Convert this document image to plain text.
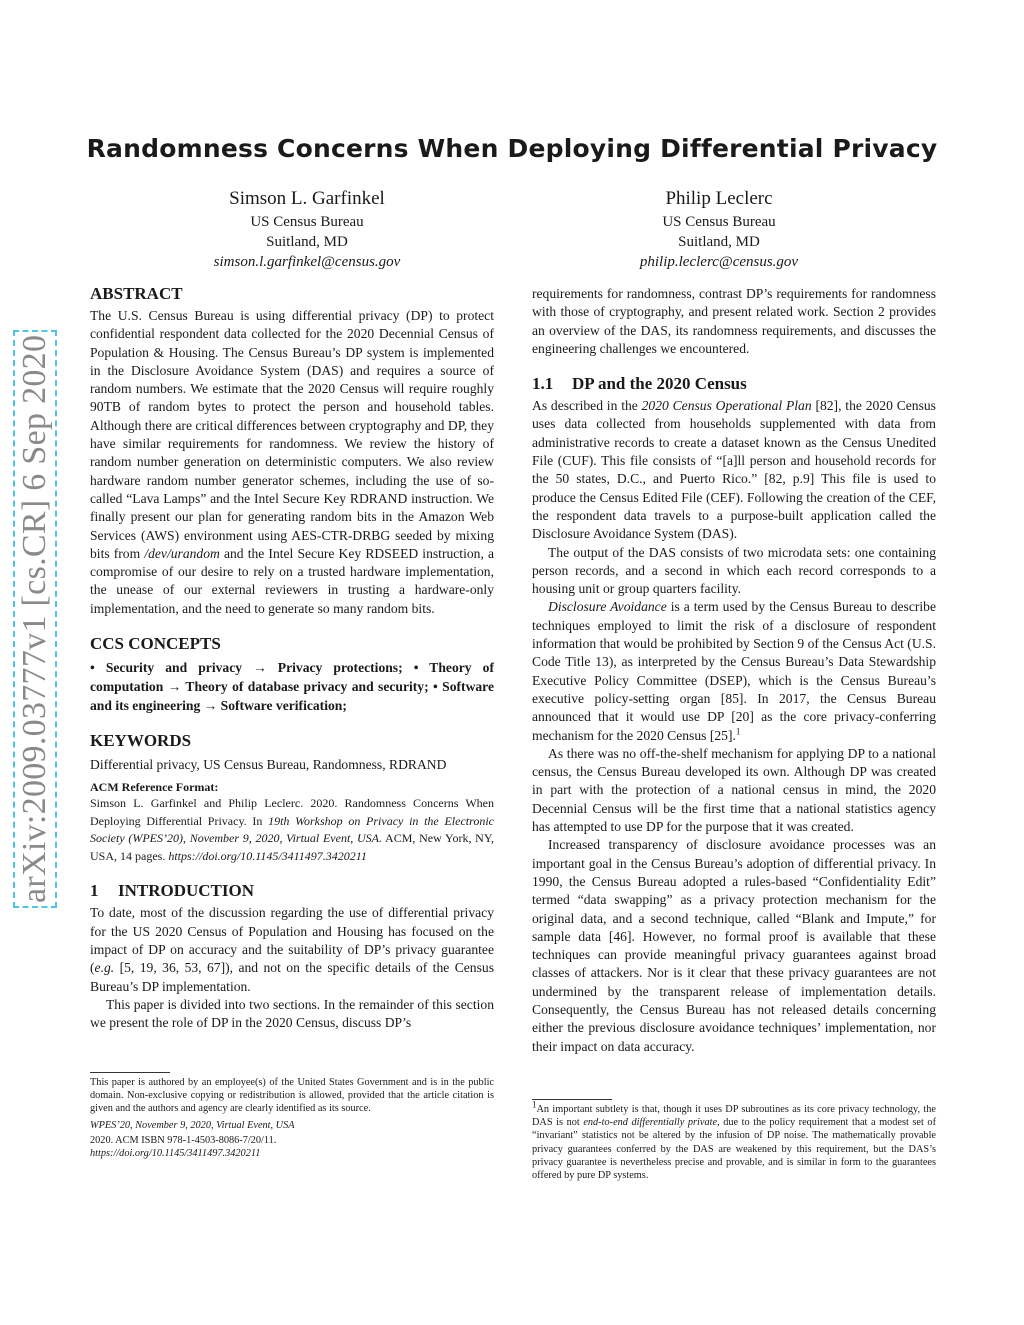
arXiv:2009.03777v1 [cs.CR] 6 Sep 2020
Randomness Concerns When Deploying Differential Privacy
Simson L. Garfinkel
US Census Bureau
Suitland, MD
simson.l.garfinkel@census.gov
Philip Leclerc
US Census Bureau
Suitland, MD
philip.leclerc@census.gov
ABSTRACT

The U.S. Census Bureau is using differential privacy (DP) to protect confidential respondent data collected for the 2020 Decennial Census of Population & Housing. The Census Bureau’s DP system is implemented in the Disclosure Avoidance System (DAS) and requires a source of random numbers. We estimate that the 2020 Census will require roughly 90TB of random bytes to protect the person and household tables. Although there are critical differences between cryptography and DP, they have similar requirements for randomness. We review the history of random number generation on deterministic computers. We also review hardware random number generator schemes, including the use of so-called “Lava Lamps” and the Intel Secure Key RDRAND instruction. We finally present our plan for generating random bits in the Amazon Web Services (AWS) environment using AES-CTR-DRBG seeded by mixing bits from /dev/urandom and the Intel Secure Key RDSEED instruction, a compromise of our desire to rely on a trusted hardware implementation, the unease of our external reviewers in trusting a hardware-only implementation, and the need to generate so many random bits.

CCS CONCEPTS

• Security and privacy → Privacy protections; • Theory of computation → Theory of database privacy and security; • Software and its engineering → Software verification;

KEYWORDS

Differential privacy, US Census Bureau, Randomness, RDRAND

ACM Reference Format:

Simson L. Garfinkel and Philip Leclerc. 2020. Randomness Concerns When Deploying Differential Privacy. In 19th Workshop on Privacy in the Electronic Society (WPES’20), November 9, 2020, Virtual Event, USA. ACM, New York, NY, USA, 14 pages. https://doi.org/10.1145/3411497.3420211

1 INTRODUCTION

To date, most of the discussion regarding the use of differential privacy for the US 2020 Census of Population and Housing has focused on the impact of DP on accuracy and the suitability of DP’s privacy guarantee (e.g. [5, 19, 36, 53, 67]), and not on the specific details of the Census Bureau’s DP implementation.

This paper is divided into two sections. In the remainder of this section we present the role of DP in the 2020 Census, discuss DP’s

This paper is authored by an employee(s) of the United States Government and is in the public domain. Non-exclusive copying or redistribution is allowed, provided that the article citation is given and the authors and agency are clearly identified as its source.
WPES’20, November 9, 2020, Virtual Event, USA
2020. ACM ISBN 978-1-4503-8086-7/20/11.
https://doi.org/10.1145/3411497.3420211

requirements for randomness, contrast DP’s requirements for randomness with those of cryptography, and present related work. Section 2 provides an overview of the DAS, its randomness requirements, and discusses the engineering challenges we encountered.

1.1 DP and the 2020 Census

As described in the 2020 Census Operational Plan [82], the 2020 Census uses data collected from households supplemented with data from administrative records to create a dataset known as the Census Unedited File (CUF). This file consists of “[a]ll person and household records for the 50 states, D.C., and Puerto Rico.” [82, p.9] This file is used to produce the Census Edited File (CEF). Following the creation of the CEF, the respondent data travels to a purpose-built application called the Disclosure Avoidance System (DAS).

The output of the DAS consists of two microdata sets: one containing person records, and a second in which each record corresponds to a housing unit or group quarters facility.

Disclosure Avoidance is a term used by the Census Bureau to describe techniques employed to limit the risk of a disclosure of respondent information that would be prohibited by Section 9 of the Census Act (U.S. Code Title 13), as interpreted by the Census Bureau’s Data Stewardship Executive Policy Committee (DSEP), which is the Census Bureau’s executive policy-setting organ [85]. In 2017, the Census Bureau announced that it would use DP [20] as the core privacy-conferring mechanism for the 2020 Census [25].$^1$

As there was no off-the-shelf mechanism for applying DP to a national census, the Census Bureau developed its own. Although DP was created in part with the protection of a national census in mind, the 2020 Decennial Census will be the first time that a national statistics agency has attempted to use DP for the purpose that it was created.

Increased transparency of disclosure avoidance processes was an important goal in the Census Bureau’s adoption of differential privacy. In 1990, the Census Bureau adopted a rules-based “Confidentiality Edit” termed “data swapping” as a privacy protection mechanism for the original data, and a second technique, called “Blank and Impute,” for sample data [46]. However, no formal proof is available that these techniques can provide meaningful privacy guarantees against broad classes of attackers. Nor is it clear that these privacy guarantees are not undermined by the transparent release of implementation details. Consequently, the Census Bureau has not released details concerning either the previous disclosure avoidance techniques’ implementation, nor their impact on data accuracy.

$^1$An important subtlety is that, though it uses DP subroutines as its core privacy technology, the DAS is not end-to-end differentially private, due to the policy requirement that a modest set of “invariant” statistics not be altered by the infusion of DP noise. The mathematically provable privacy guarantees conferred by the DAS are weakened by this requirement, but the DAS’s privacy guarantee is nevertheless precise and provable, and is similar in form to the guarantees offered by pure DP systems.
